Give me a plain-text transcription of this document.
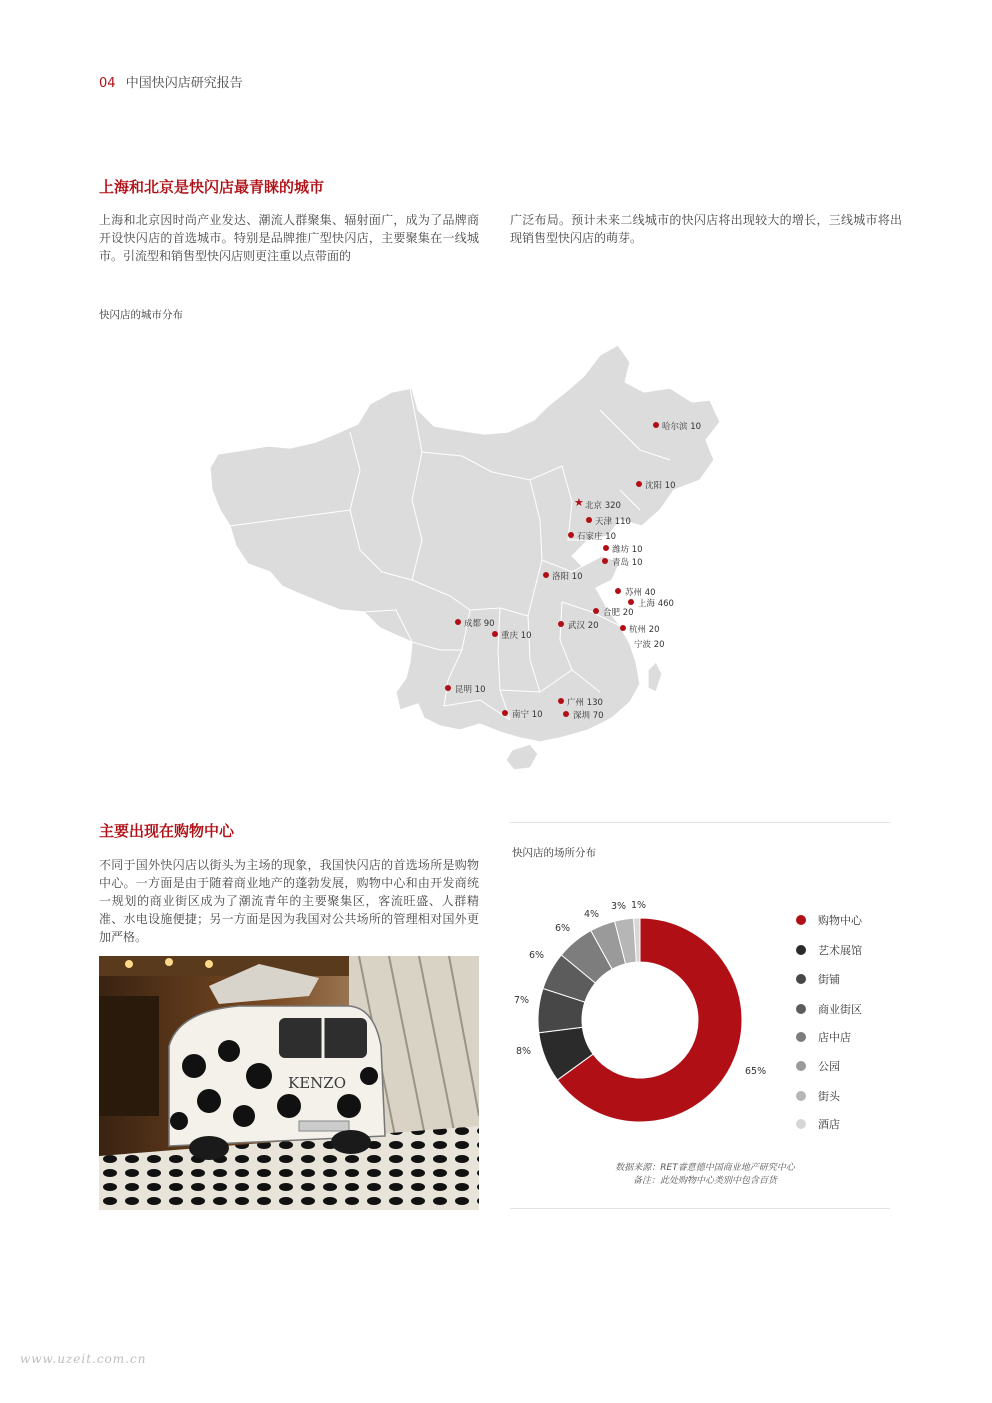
04 中国快闪店研究报告
上海和北京是快闪店最青睐的城市
上海和北京因时尚产业发达、潮流人群聚集、辐射面广，成为了品牌商开设快闪店的首选城市。特别是品牌推广型快闪店，主要聚集在一线城市。引流型和销售型快闪店则更注重以点带面的
广泛布局。预计未来二线城市的快闪店将出现较大的增长，三线城市将出现销售型快闪店的萌芽。
快闪店的城市分布
哈尔滨 10
沈阳 10
★ 北京 320
天津 110
石家庄 10
潍坊 10
青岛 10
洛阳 10
苏州 40
上海 460
合肥 20
成都 90	武汉 20	杭州 20
重庆 10
宁波 20
昆明 10
广州 130
南宁 10	深圳 70
主要出现在购物中心
不同于国外快闪店以街头为主场的现象，我国快闪店的首选场所是购物中心。一方面是由于随着商业地产的蓬勃发展，购物中心和由开发商统一规划的商业街区成为了潮流青年的主要聚集区，客流旺盛、人群精准、水电设施便捷；另一方面是因为我国对公共场所的管理相对国外更加严格。
KENZO
快闪店的场所分布
65%
8%
7%
6%
6%
4%
3% 1%
购物中心
艺术展馆
街铺
商业街区
店中店
公园
街头
酒店
数据来源：RET睿意德中国商业地产研究中心
备注：此处购物中心类别中包含百货
www.uzeit.com.cn
